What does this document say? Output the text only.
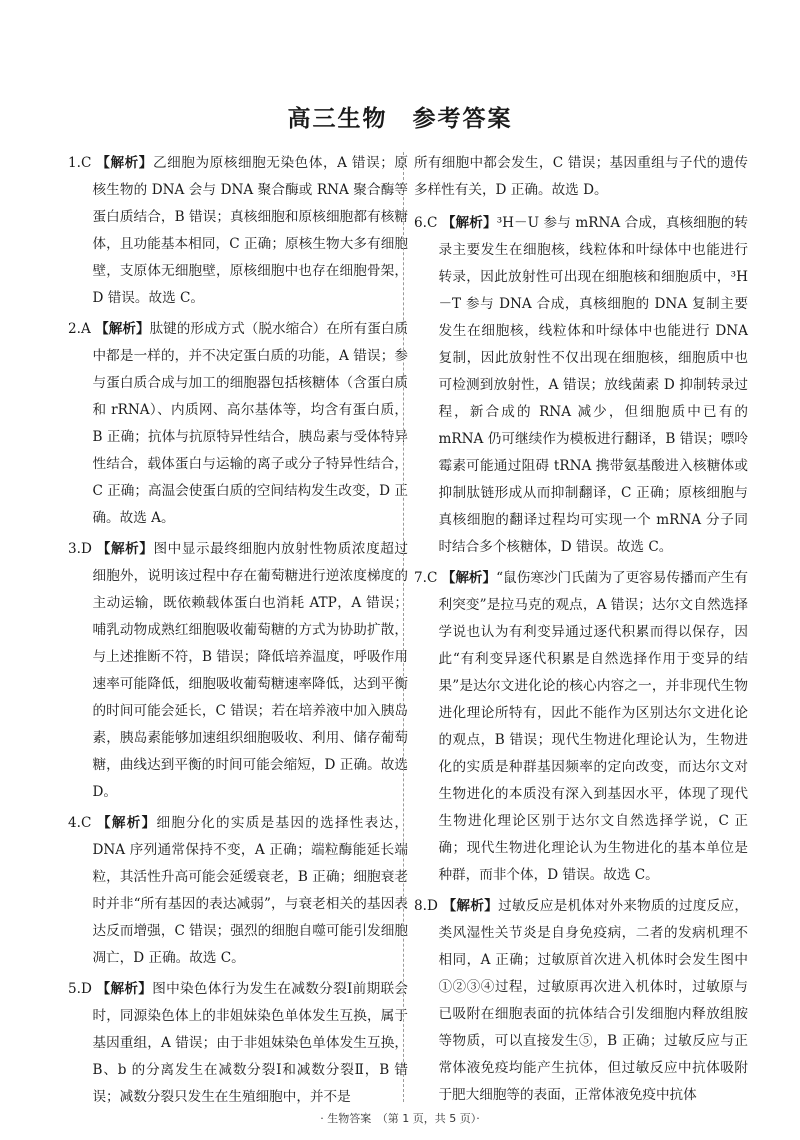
高三生物　参考答案

1.C 【解析】乙细胞为原核细胞无染色体，A 错误；原核生物的 DNA 会与 DNA 聚合酶或 RNA 聚合酶等蛋白质结合，B 错误；真核细胞和原核细胞都有核糖体，且功能基本相同，C 正确；原核生物大多有细胞壁，支原体无细胞壁，原核细胞中也存在细胞骨架，D 错误。故选 C。

2.A 【解析】肽键的形成方式（脱水缩合）在所有蛋白质中都是一样的，并不决定蛋白质的功能，A 错误；参与蛋白质合成与加工的细胞器包括核糖体（含蛋白质和 rRNA）、内质网、高尔基体等，均含有蛋白质，B 正确；抗体与抗原特异性结合，胰岛素与受体特异性结合，载体蛋白与运输的离子或分子特异性结合，C 正确；高温会使蛋白质的空间结构发生改变，D 正确。故选 A。

3.D 【解析】图中显示最终细胞内放射性物质浓度超过细胞外，说明该过程中存在葡萄糖进行逆浓度梯度的主动运输，既依赖载体蛋白也消耗 ATP，A 错误；哺乳动物成熟红细胞吸收葡萄糖的方式为协助扩散，与上述推断不符，B 错误；降低培养温度，呼吸作用速率可能降低，细胞吸收葡萄糖速率降低，达到平衡的时间可能会延长，C 错误；若在培养液中加入胰岛素，胰岛素能够加速组织细胞吸收、利用、储存葡萄糖，曲线达到平衡的时间可能会缩短，D 正确。故选 D。

4.C 【解析】细胞分化的实质是基因的选择性表达，DNA 序列通常保持不变，A 正确；端粒酶能延长端粒，其活性升高可能会延缓衰老，B 正确；细胞衰老时并非“所有基因的表达减弱”，与衰老相关的基因表达反而增强，C 错误；强烈的细胞自噬可能引发细胞凋亡，D 正确。故选 C。

5.D 【解析】图中染色体行为发生在减数分裂Ⅰ前期联会时，同源染色体上的非姐妹染色单体发生互换，属于基因重组，A 错误；由于非姐妹染色单体发生互换，B、b 的分离发生在减数分裂Ⅰ和减数分裂Ⅱ，B 错误；减数分裂只发生在生殖细胞中，并不是

所有细胞中都会发生，C 错误；基因重组与子代的遗传多样性有关，D 正确。故选 D。

6.C 【解析】³H－U 参与 mRNA 合成，真核细胞的转录主要发生在细胞核，线粒体和叶绿体中也能进行转录，因此放射性可出现在细胞核和细胞质中，³H－T 参与 DNA 合成，真核细胞的 DNA 复制主要发生在细胞核，线粒体和叶绿体中也能进行 DNA 复制，因此放射性不仅出现在细胞核，细胞质中也可检测到放射性，A 错误；放线菌素 D 抑制转录过程，新合成的 RNA 减少，但细胞质中已有的 mRNA 仍可继续作为模板进行翻译，B 错误；嘌呤霉素可能通过阻碍 tRNA 携带氨基酸进入核糖体或抑制肽链形成从而抑制翻译，C 正确；原核细胞与真核细胞的翻译过程均可实现一个 mRNA 分子同时结合多个核糖体，D 错误。故选 C。

7.C 【解析】“鼠伤寒沙门氏菌为了更容易传播而产生有利突变”是拉马克的观点，A 错误；达尔文自然选择学说也认为有利变异通过逐代积累而得以保存，因此“有利变异逐代积累是自然选择作用于变异的结果”是达尔文进化论的核心内容之一，并非现代生物进化理论所特有，因此不能作为区别达尔文进化论的观点，B 错误；现代生物进化理论认为，生物进化的实质是种群基因频率的定向改变，而达尔文对生物进化的本质没有深入到基因水平，体现了现代生物进化理论区别于达尔文自然选择学说，C 正确；现代生物进化理论认为生物进化的基本单位是种群，而非个体，D 错误。故选 C。

8.D 【解析】过敏反应是机体对外来物质的过度反应，类风湿性关节炎是自身免疫病，二者的发病机理不相同，A 正确；过敏原首次进入机体时会发生图中①②③④过程，过敏原再次进入机体时，过敏原与已吸附在细胞表面的抗体结合引发细胞内释放组胺等物质，可以直接发生⑤，B 正确；过敏反应与正常体液免疫均能产生抗体，但过敏反应中抗体吸附于肥大细胞等的表面，正常体液免疫中抗体

· 生物答案　（第 1 页，共 5 页）·
